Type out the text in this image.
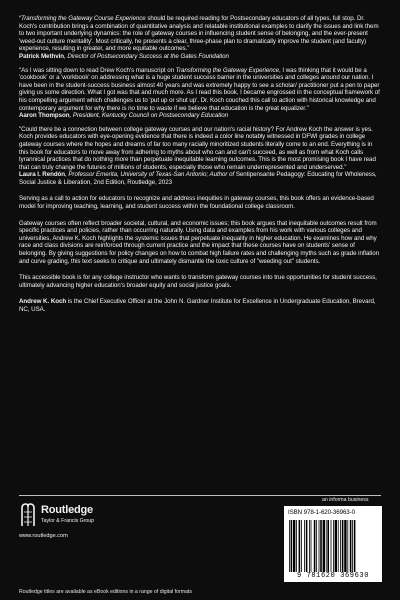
“Transforming the Gateway Course Experience should be required reading for Postsecondary educators of all types, full stop. Dr. Koch's contribution brings a combination of quantitative analysis and relatable institutional examples to clarify the issues and link them to two important underlying dynamics: the role of gateway courses in influencing student sense of belonging, and the ever-present 'weed-out culture mentality'. Most critically, he presents a clear, three-phase plan to dramatically improve the student (and faculty) experience, resulting in greater, and more equitable outcomes."

Patrick Methvin, Director of Postsecondary Success at the Gates Foundation

"As I was sitting down to read Drew Koch's manuscript on Transforming the Gateway Experience, I was thinking that it would be a 'cookbook' or a 'workbook' on addressing what is a huge student success barrier in the universities and colleges around our nation. I have been in the student-success business almost 40 years and was extremely happy to see a scholar/ practitioner put a pen to paper giving us some direction. What I got was that and much more. As I read this book, I became engrossed in the conceptual framework of his compelling argument which challenges us to 'put up or shut up'. Dr. Koch couched this call to action with historical knowledge and contemporary argument for why there is no time to waste if we believe that education is the great equalizer."

Aaron Thompson, President, Kentucky Council on Postsecondary Education

"Could there be a connection between college gateway courses and our nation's racial history? For Andrew Koch the answer is yes. Koch provides educators with eye-opening evidence that there is indeed a color line notably witnessed in DFWI grades in college gateway courses where the hopes and dreams of far too many racially minoritized students literally come to an end. Everything is in this book for educators to move away from adhering to myths about who can and can't succeed, as well as from what Koch calls tyrannical practices that do nothing more than perpetuate inequitable learning outcomes. This is the most promising book I have read that can truly change the futures of millions of students, especially those who remain underrepresented and underserved."

Laura I. Rendón, Professor Emerita, University of Texas-San Antonio; Author of Sentipensante Pedagogy: Educating for Wholeness, Social Justice & Liberation, 2nd Edition, Routledge, 2023

Serving as a call to action for educators to recognize and address inequities in gateway courses, this book offers an evidence-based model for improving teaching, learning, and student success within the foundational college classroom.

Gateway courses often reflect broader societal, cultural, and economic issues; this book argues that inequitable outcomes result from specific practices and policies, rather than occurring naturally. Using data and examples from his work with various colleges and universities, Andrew K. Koch highlights the systemic issues that perpetuate inequality in higher education. He examines how and why race and class divisions are reinforced through current practice and the impact that these courses have on students' sense of belonging. By giving suggestions for policy changes on how to combat high failure rates and challenging myths such as grade inflation and curve grading, this text seeks to critique and ultimately dismantle the toxic culture of "weeding out" students.

This accessible book is for any college instructor who wants to transform gateway courses into true opportunities for student success, ultimately advancing higher education's broader equity and social justice goals.

Andrew K. Koch is the Chief Executive Officer at the John N. Gardner Institute for Excellence in Undergraduate Education, Brevard, NC, USA.

Routledge
Taylor & Francis Group
www.routledge.com
an informa business
ISBN 978-1-620-36963-0
9 781620 369630
Routledge titles are available as eBook editions in a range of digital formats
